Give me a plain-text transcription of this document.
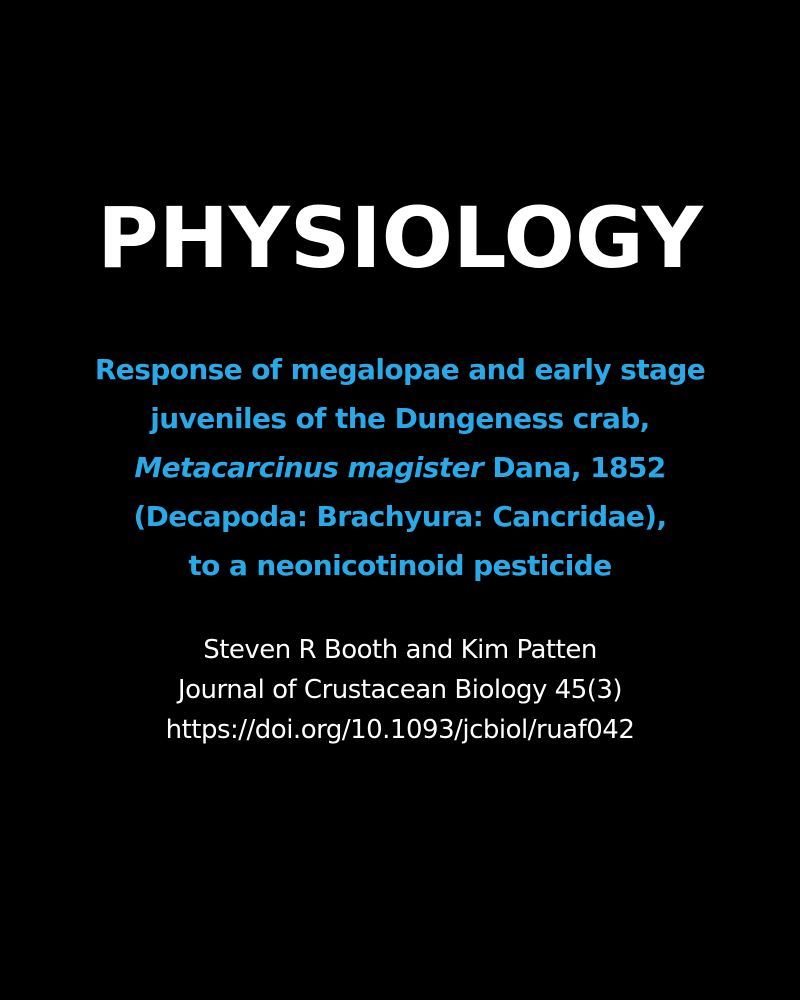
PHYSIOLOGY
Response of megalopae and early stage
juveniles of the Dungeness crab,
Metacarcinus magister Dana, 1852
(Decapoda: Brachyura: Cancridae),
to a neonicotinoid pesticide
Steven R Booth and Kim Patten
Journal of Crustacean Biology 45(3)
https://doi.org/10.1093/jcbiol/ruaf042
